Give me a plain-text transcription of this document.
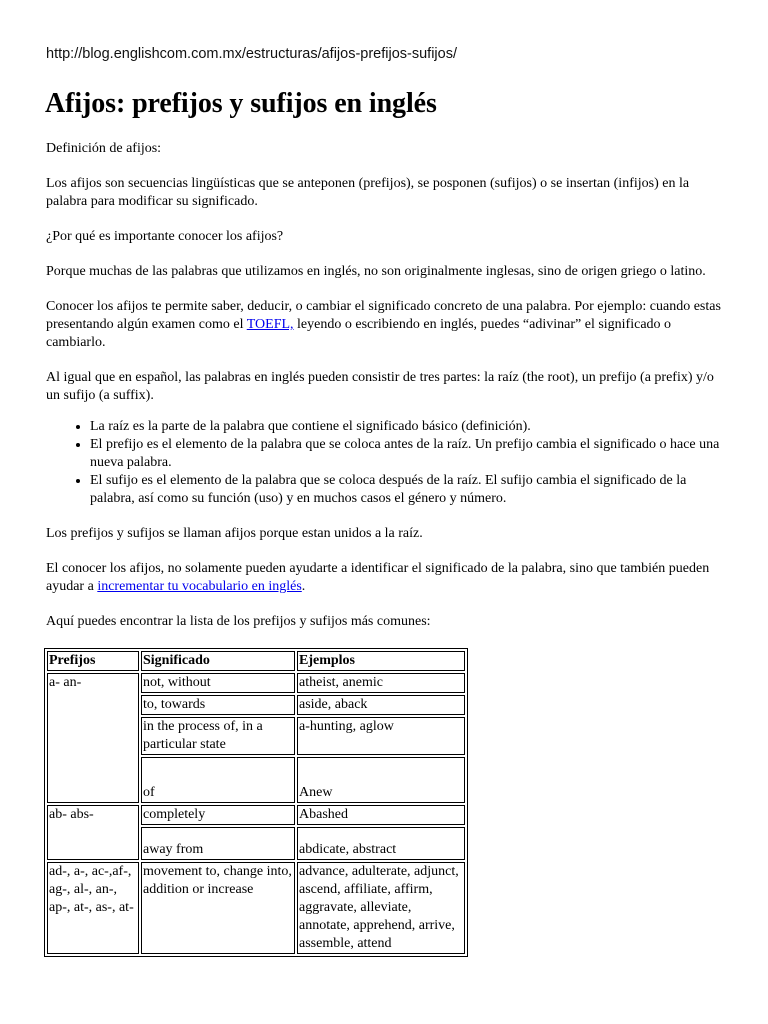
http://blog.englishcom.com.mx/estructuras/afijos-prefijos-sufijos/
Afijos: prefijos y sufijos en inglés

Definición de afijos:

Los afijos son secuencias lingüísticas que se anteponen (prefijos), se posponen (sufijos) o se insertan (infijos) en la palabra para modificar su significado.

¿Por qué es importante conocer los afijos?

Porque muchas de las palabras que utilizamos en inglés, no son originalmente inglesas, sino de origen griego o latino.

Conocer los afijos te permite saber, deducir, o cambiar el significado concreto de una palabra. Por ejemplo: cuando estas presentando algún examen como el TOEFL, leyendo o escribiendo en inglés, puedes “adivinar” el significado o cambiarlo.

Al igual que en español, las palabras en inglés pueden consistir de tres partes: la raíz (the root), un prefijo (a prefix) y/o un sufijo (a suffix).

• La raíz es la parte de la palabra que contiene el significado básico (definición).
• El prefijo es el elemento de la palabra que se coloca antes de la raíz. Un prefijo cambia el significado o hace una nueva palabra.
• El sufijo es el elemento de la palabra que se coloca después de la raíz. El sufijo cambia el significado de la palabra, así como su función (uso) y en muchos casos el género y número.

Los prefijos y sufijos se llaman afijos porque estan unidos a la raíz.

El conocer los afijos, no solamente pueden ayudarte a identificar el significado de la palabra, sino que también pueden ayudar a incrementar tu vocabulario en inglés.

Aquí puedes encontrar la lista de los prefijos y sufijos más comunes:

Prefijos	Significado	Ejemplos
a- an-	not, without	atheist, anemic
	to, towards	aside, aback
	in the process of, in a particular state	a-hunting, aglow
	of	Anew
ab- abs-	completely	Abashed
	away from	abdicate, abstract
ad-, a-, ac-,af-, ag-, al-, an-, ap-, at-, as-, at-	movement to, change into, addition or increase	advance, adulterate, adjunct, ascend, affiliate, affirm, aggravate, alleviate, annotate, apprehend, arrive, assemble, attend
